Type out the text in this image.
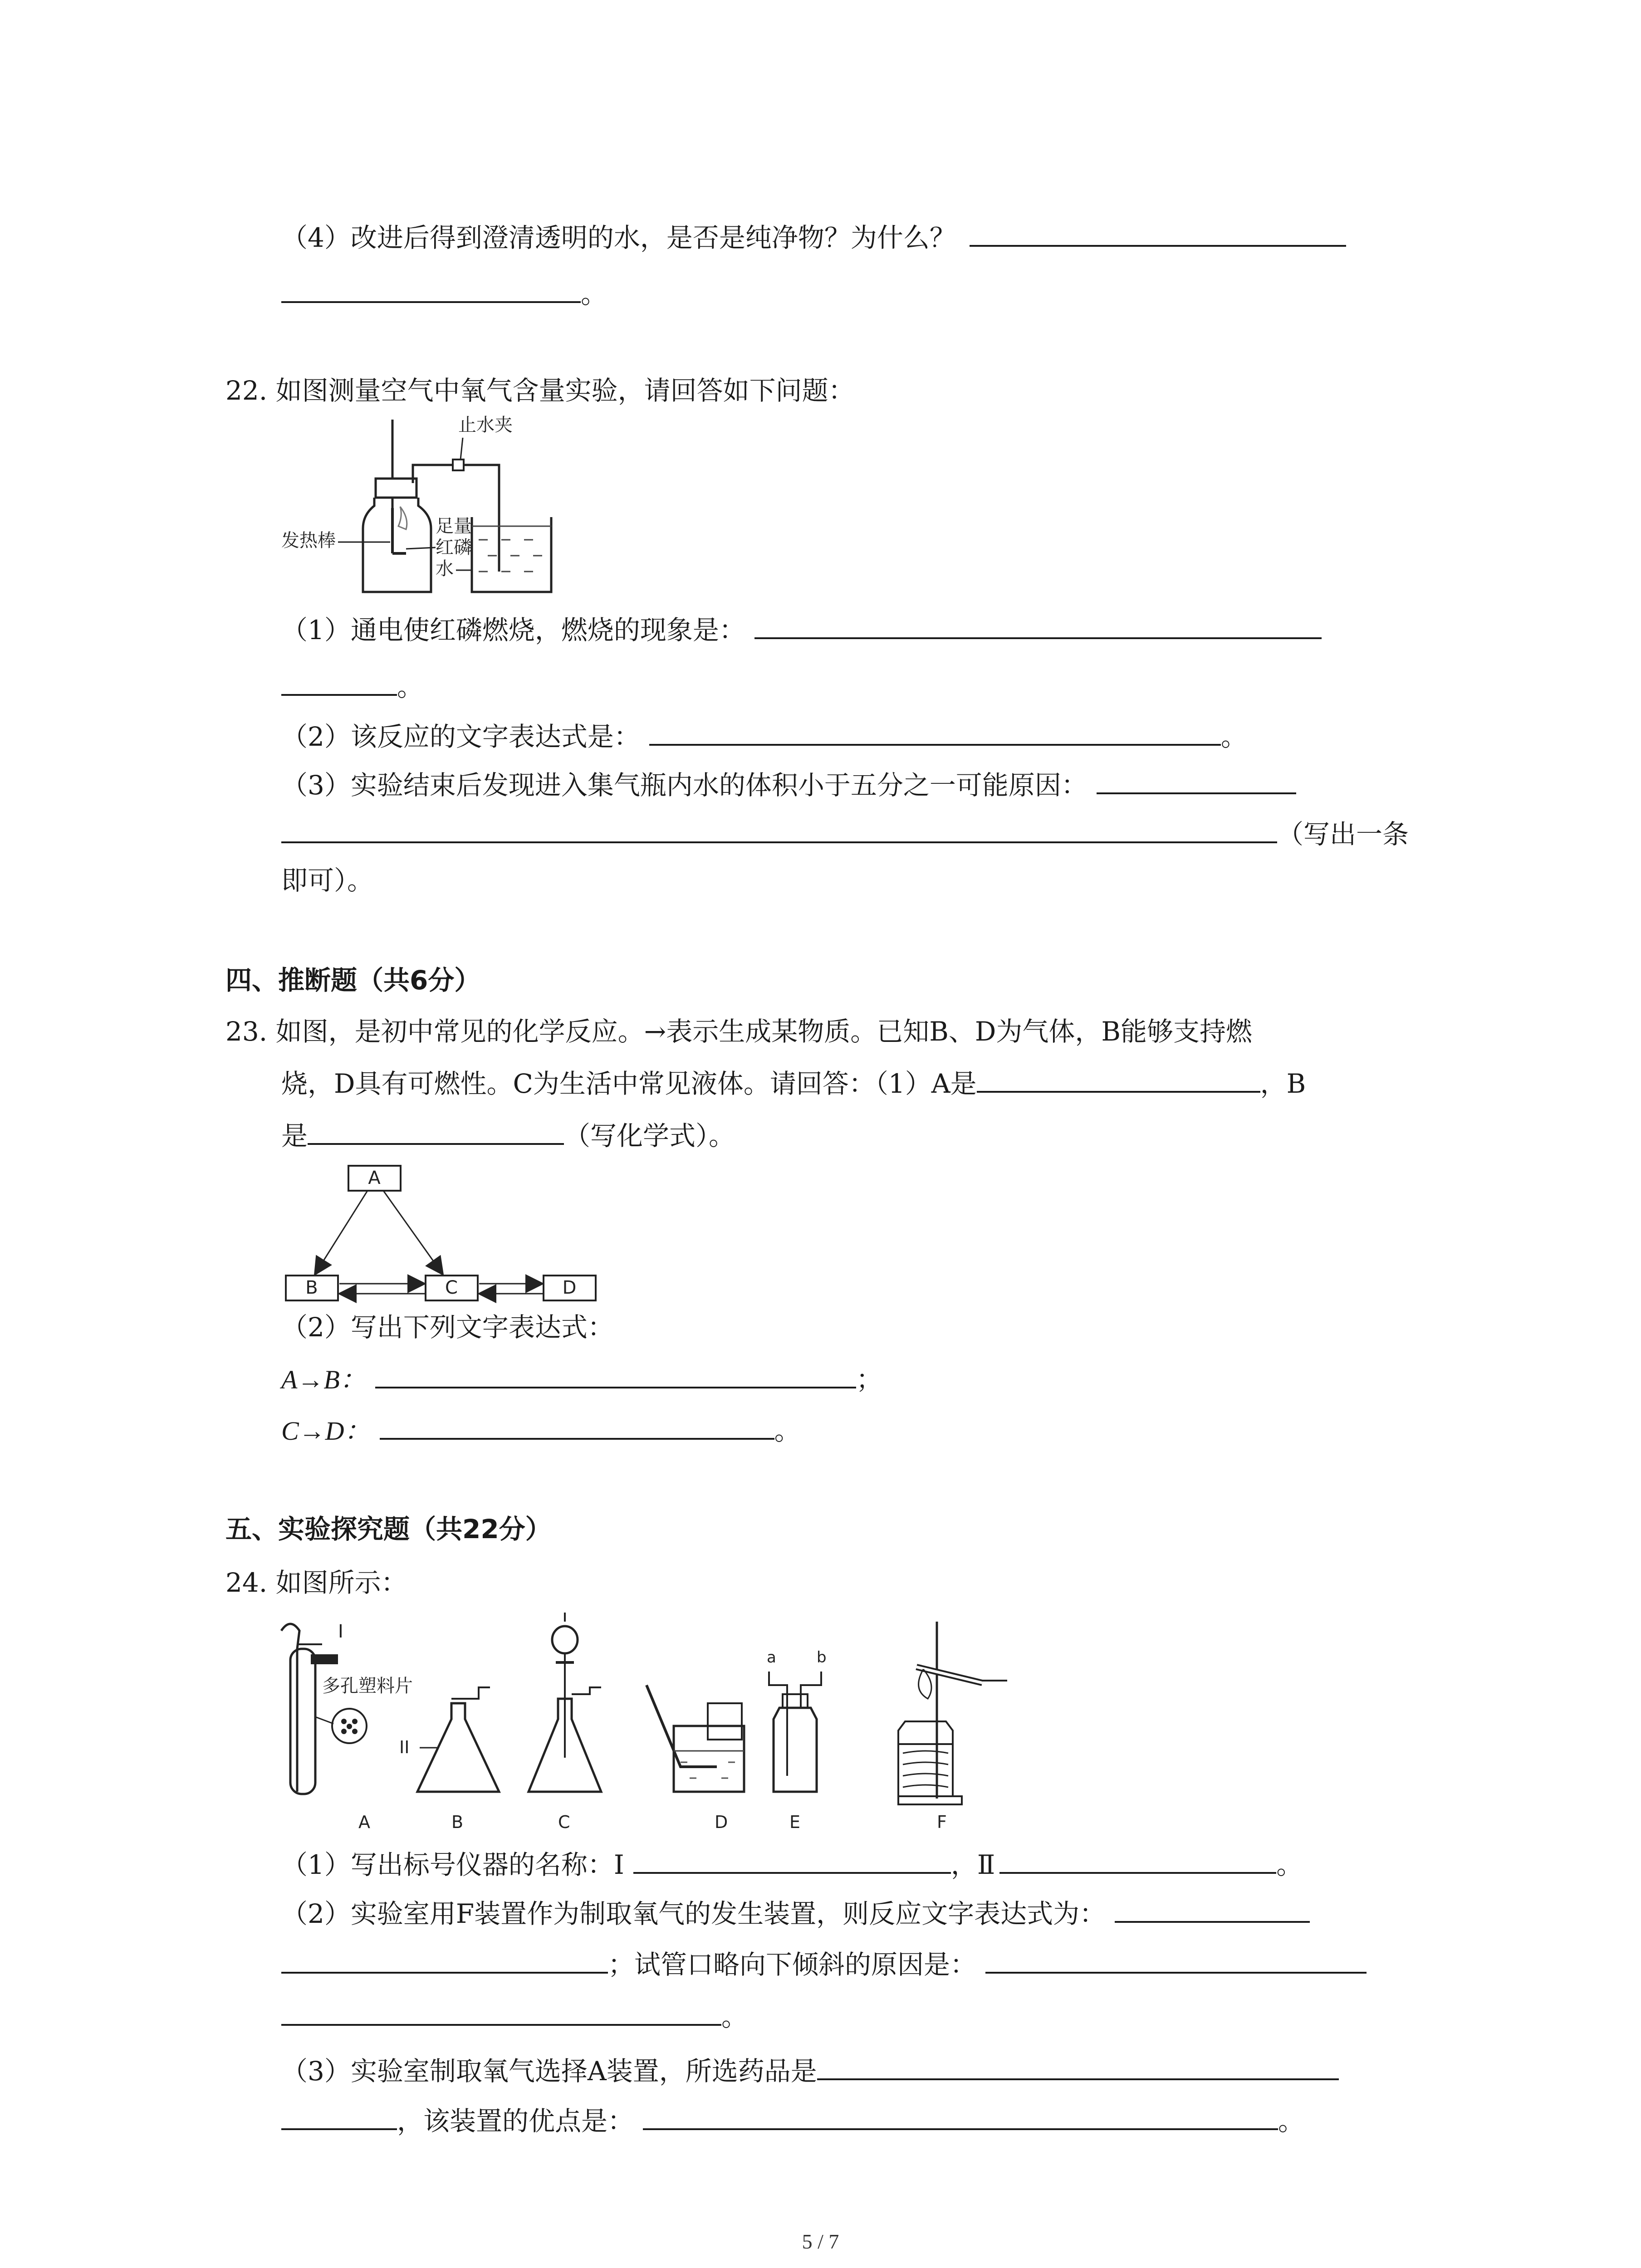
（4）改进后得到澄清透明的水，是否是纯净物？为什么？
。
22. 如图测量空气中氧气含量实验，请回答如下问题：
止水夹
发热棒
足量
红磷
水
（1）通电使红磷燃烧，燃烧的现象是：
。
（2）该反应的文字表达式是：	。
（3）实验结束后发现进入集气瓶内水的体积小于五分之一可能原因：
（写出一条
即可）。
四、推断题（共6分）
23. 如图，是初中常见的化学反应。→表示生成某物质。已知B、D为气体，B能够支持燃
烧，D具有可燃性。C为生活中常见液体。请回答：（1）A是	，B
是	（写化学式）。
A
B	C	D
（2）写出下列文字表达式：
A→B：	；
C→D：	。
五、实验探究题（共22分）
24. 如图所示：
I
多孔塑料片
A
II
B	C	D
a	b
E	F
（1）写出标号仪器的名称：Ⅰ	，Ⅱ	。
（2）实验室用F装置作为制取氧气的发生装置，则反应文字表达式为：
；试管口略向下倾斜的原因是：
。
（3）实验室制取氧气选择A装置，所选药品是
，该装置的优点是：	。
5 / 7
